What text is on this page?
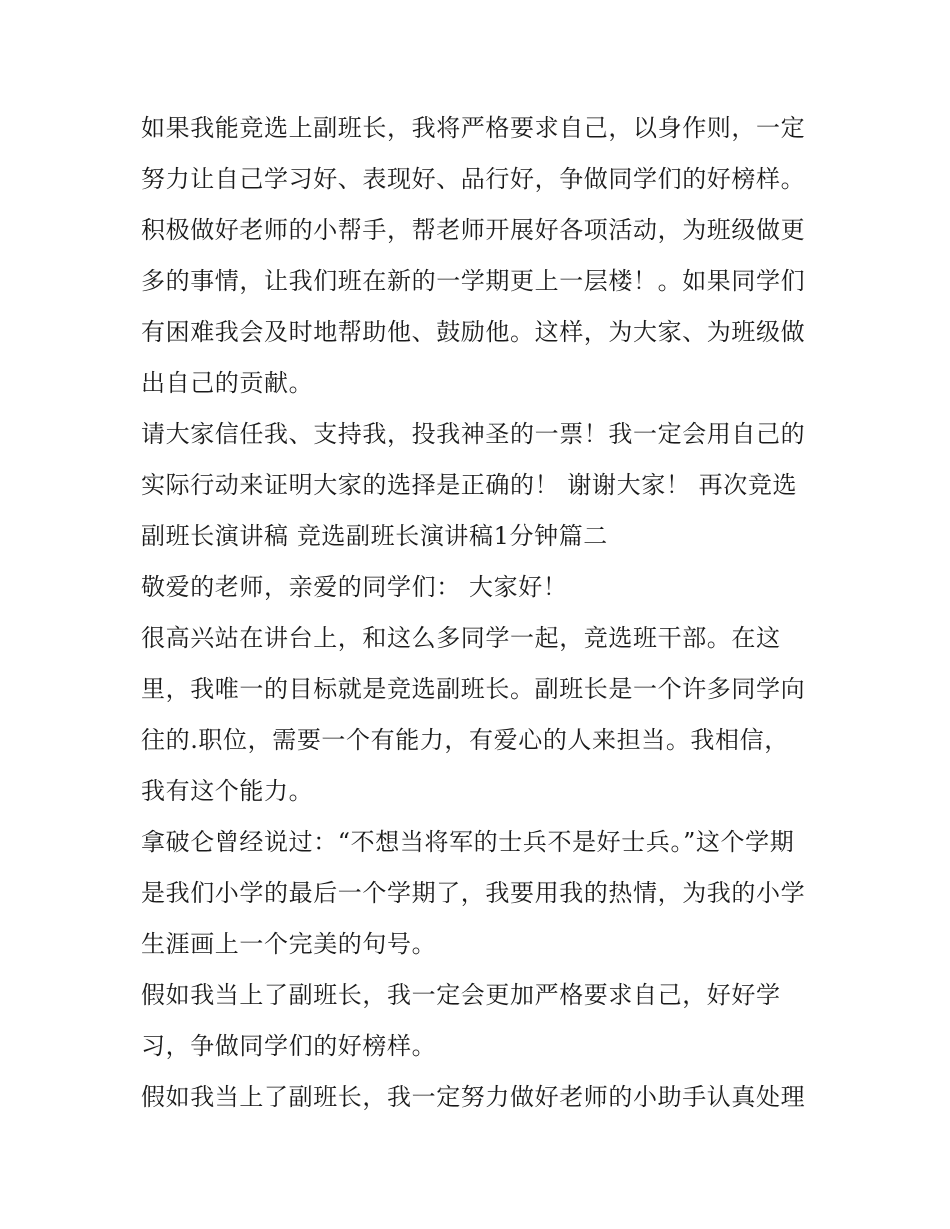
如果我能竞选上副班长，我将严格要求自己，以身作则，一定
努力让自己学习好、表现好、品行好，争做同学们的好榜样。
积极做好老师的小帮手，帮老师开展好各项活动，为班级做更
多的事情，让我们班在新的一学期更上一层楼！。如果同学们
有困难我会及时地帮助他、鼓励他。这样，为大家、为班级做
出自己的贡献。
请大家信任我、支持我，投我神圣的一票！我一定会用自己的
实际行动来证明大家的选择是正确的！ 谢谢大家！ 再次竞选
副班长演讲稿 竞选副班长演讲稿1分钟篇二
敬爱的老师，亲爱的同学们： 大家好！
很高兴站在讲台上，和这么多同学一起，竞选班干部。在这
里，我唯一的目标就是竞选副班长。副班长是一个许多同学向
往的.职位，需要一个有能力，有爱心的人来担当。我相信，
我有这个能力。
拿破仑曾经说过：“不想当将军的士兵不是好士兵。”这个学期
是我们小学的最后一个学期了，我要用我的热情，为我的小学
生涯画上一个完美的句号。
假如我当上了副班长，我一定会更加严格要求自己，好好学
习，争做同学们的好榜样。
假如我当上了副班长，我一定努力做好老师的小助手认真处理
